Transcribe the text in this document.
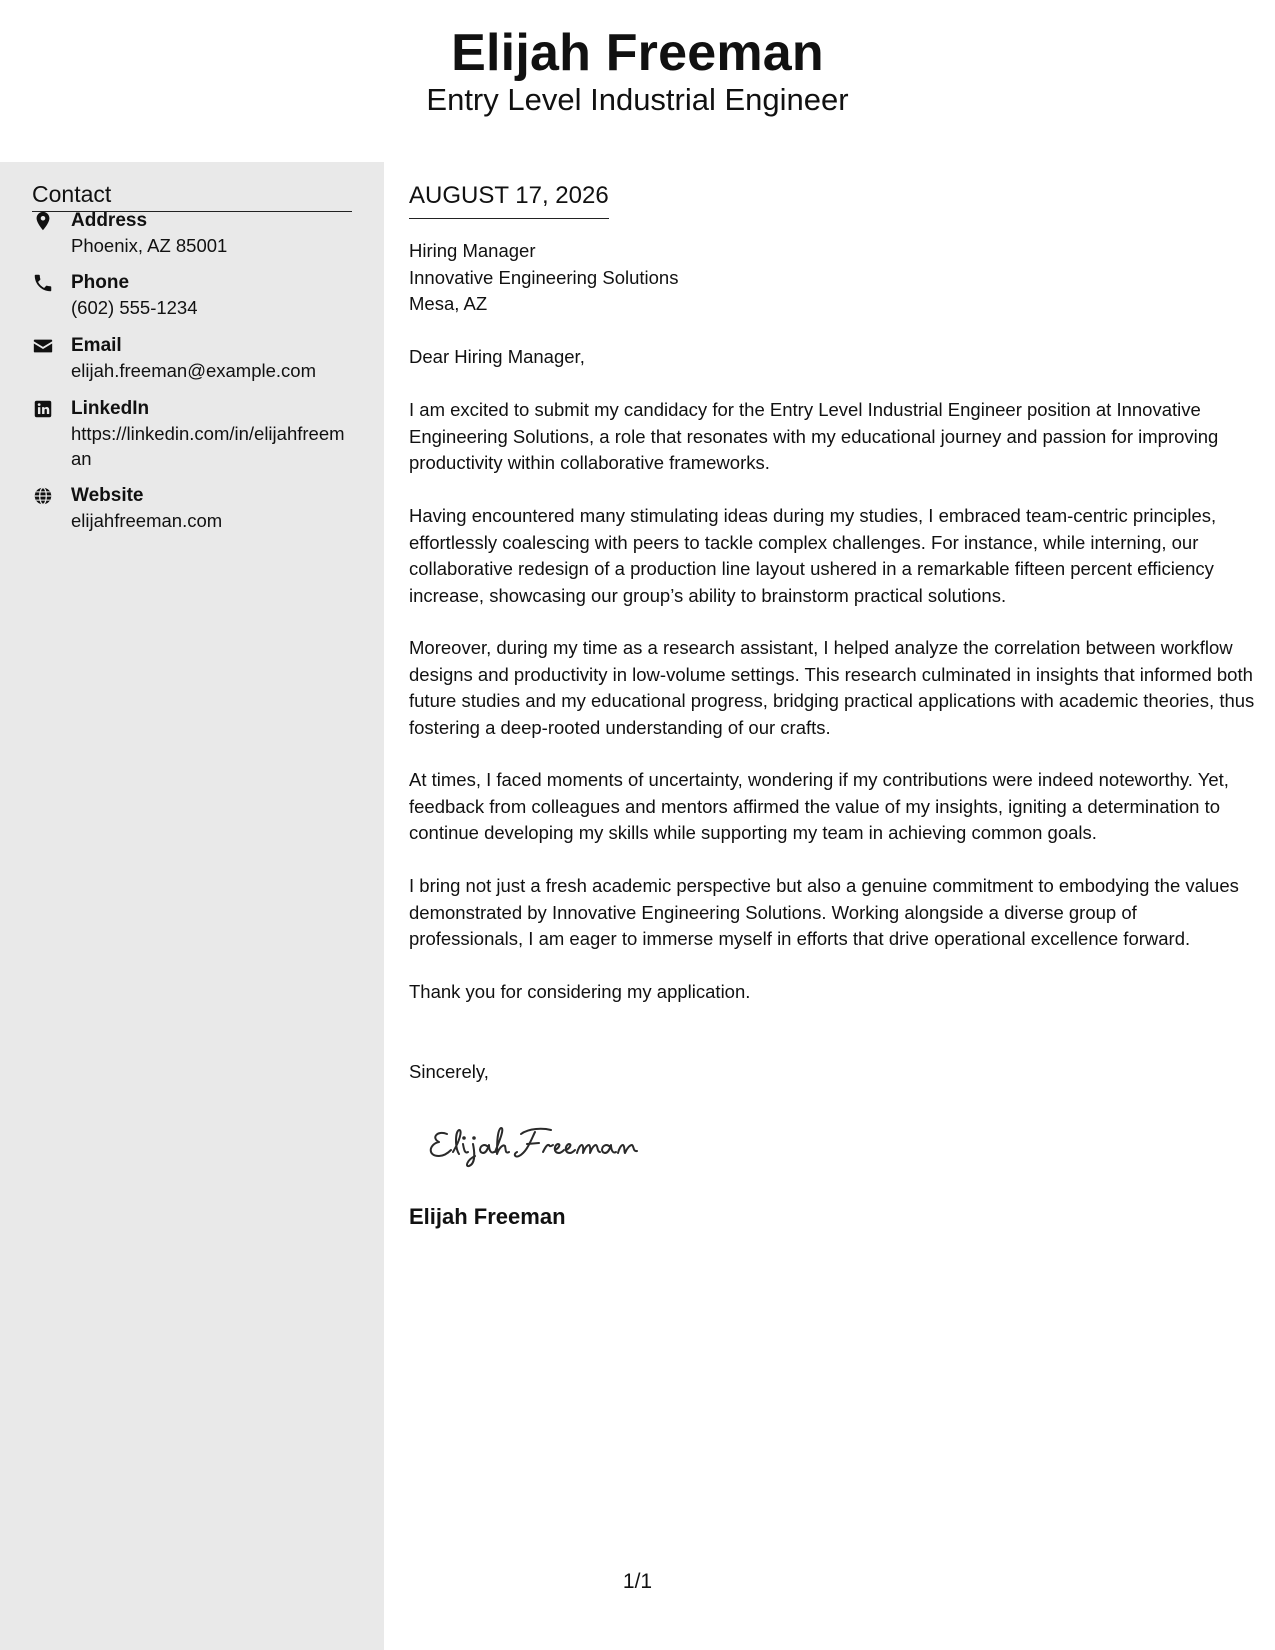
Elijah Freeman
Entry Level Industrial Engineer
Contact
Address
Phoenix, AZ 85001
Phone
(602) 555-1234
Email
elijah.freeman@example.com
LinkedIn
https://linkedin.com/in/elijahfreeman
Website
elijahfreeman.com
AUGUST 17, 2026
Hiring Manager
Innovative Engineering Solutions
Mesa, AZ
Dear Hiring Manager,
I am excited to submit my candidacy for the Entry Level Industrial Engineer position at Innovative Engineering Solutions, a role that resonates with my educational journey and passion for improving productivity within collaborative frameworks.
Having encountered many stimulating ideas during my studies, I embraced team-centric principles, effortlessly coalescing with peers to tackle complex challenges. For instance, while interning, our collaborative redesign of a production line layout ushered in a remarkable fifteen percent efficiency increase, showcasing our group’s ability to brainstorm practical solutions.
Moreover, during my time as a research assistant, I helped analyze the correlation between workflow designs and productivity in low-volume settings. This research culminated in insights that informed both future studies and my educational progress, bridging practical applications with academic theories, thus fostering a deep-rooted understanding of our crafts.
At times, I faced moments of uncertainty, wondering if my contributions were indeed noteworthy. Yet, feedback from colleagues and mentors affirmed the value of my insights, igniting a determination to continue developing my skills while supporting my team in achieving common goals.
I bring not just a fresh academic perspective but also a genuine commitment to embodying the values demonstrated by Innovative Engineering Solutions. Working alongside a diverse group of professionals, I am eager to immerse myself in efforts that drive operational excellence forward.
Thank you for considering my application.
Sincerely,
Elijah Freeman
1/1
